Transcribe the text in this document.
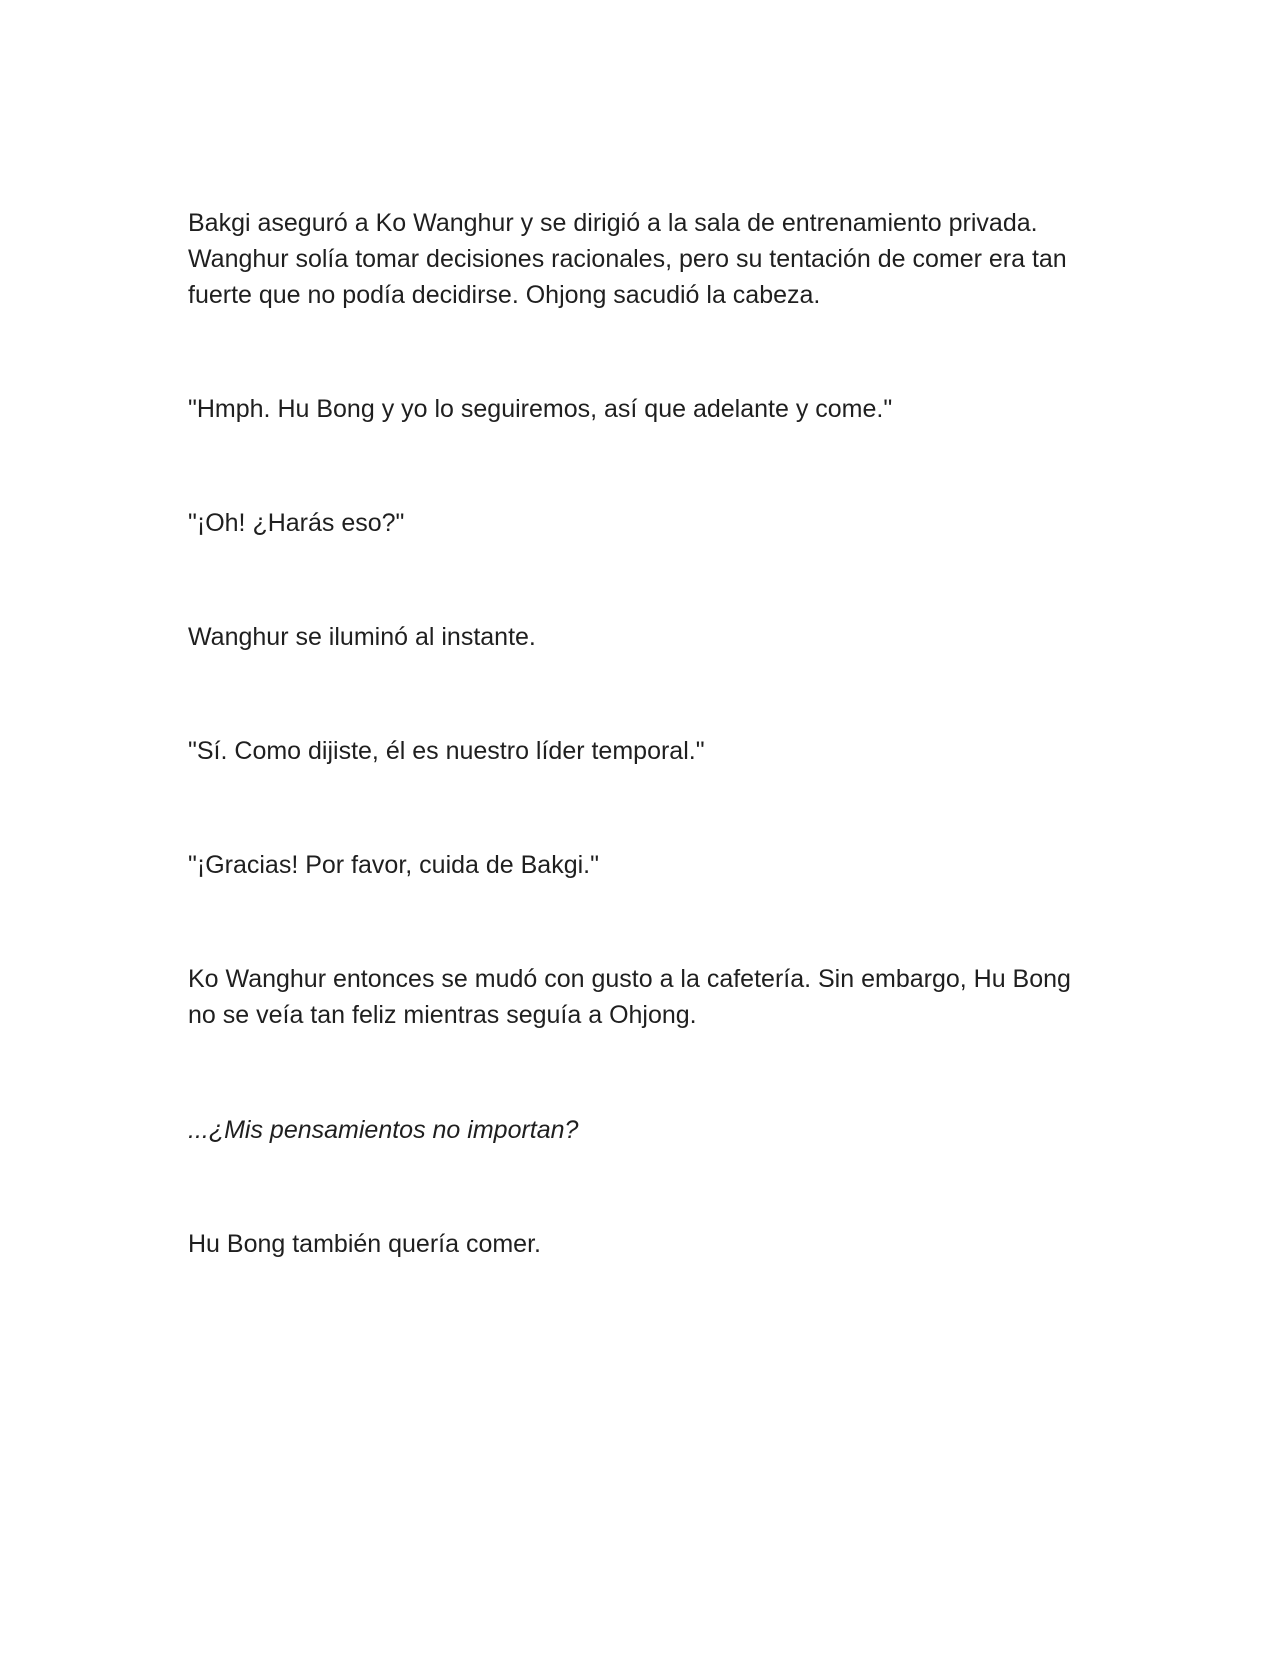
Bakgi aseguró a Ko Wanghur y se dirigió a la sala de entrenamiento privada. Wanghur solía tomar decisiones racionales, pero su tentación de comer era tan fuerte que no podía decidirse. Ohjong sacudió la cabeza.

"Hmph. Hu Bong y yo lo seguiremos, así que adelante y come."

"¡Oh! ¿Harás eso?"

Wanghur se iluminó al instante.

"Sí. Como dijiste, él es nuestro líder temporal."

"¡Gracias! Por favor, cuida de Bakgi."

Ko Wanghur entonces se mudó con gusto a la cafetería. Sin embargo, Hu Bong no se veía tan feliz mientras seguía a Ohjong.

...¿Mis pensamientos no importan?

Hu Bong también quería comer.
